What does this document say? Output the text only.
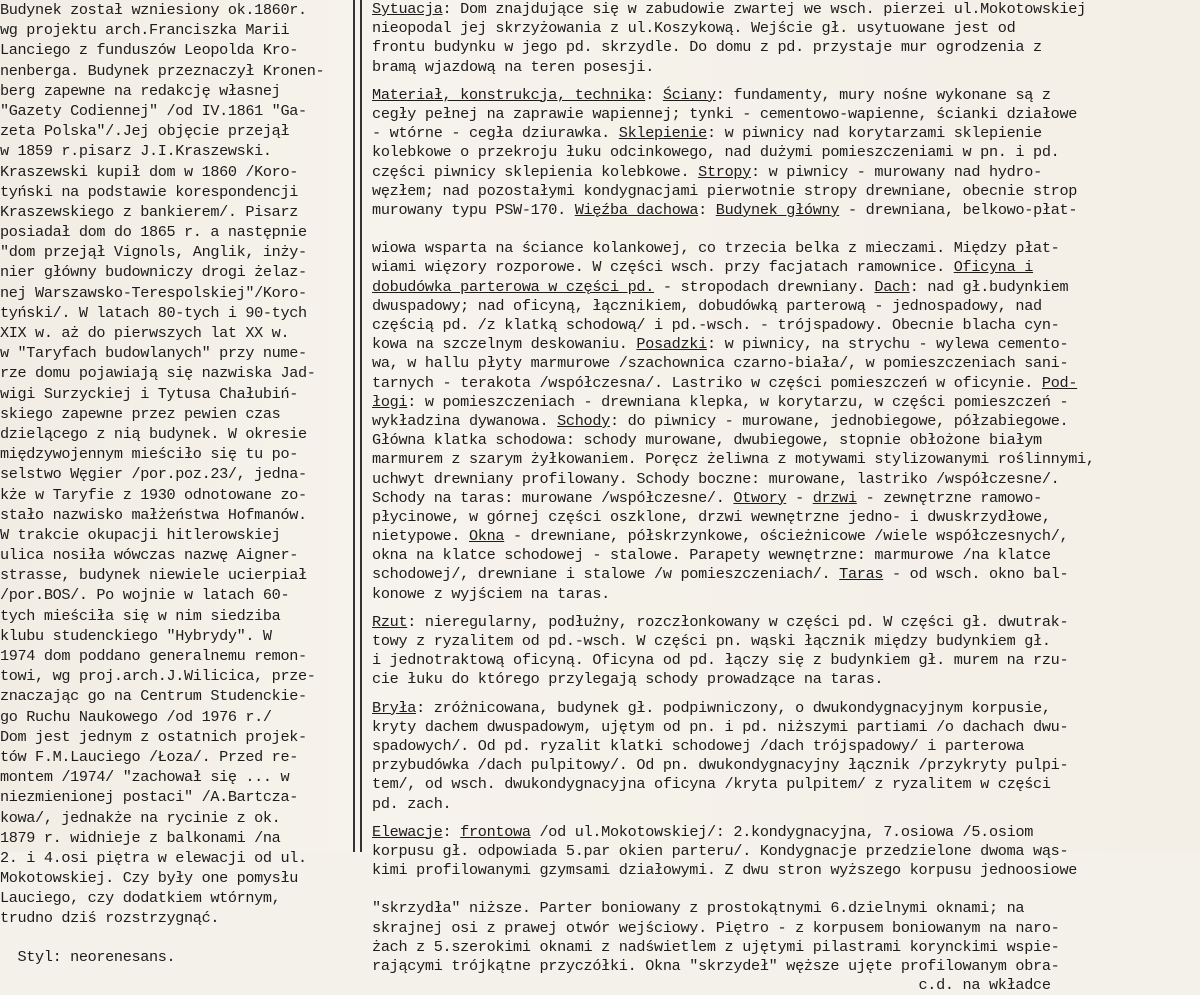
Budynek został wzniesiony ok.1860r.
wg projektu arch.Franciszka Marii
Lanciego z funduszów Leopolda Kro-
nenberga. Budynek przeznaczył Kronen-
berg zapewne na redakcję własnej
"Gazety Codiennej" /od IV.1861 "Ga-
zeta Polska"/.Jej objęcie przejął
w 1859 r.pisarz J.I.Kraszewski.
Kraszewski kupił dom w 1860 /Koro-
tyński na podstawie korespondencji
Kraszewskiego z bankierem/. Pisarz
posiadał dom do 1865 r. a następnie
"dom przejął Vignols, Anglik, inży-
nier główny budowniczy drogi żelaz-
nej Warszawsko-Terespolskiej"/Koro-
tyński/. W latach 80-tych i 90-tych
XIX w. aż do pierwszych lat XX w.
w "Taryfach budowlanych" przy nume-
rze domu pojawiają się nazwiska Jad-
wigi Surzyckiej i Tytusa Chałubiń-
skiego zapewne przez pewien czas
dzielącego z nią budynek. W okresie
międzywojennym mieściło się tu po-
selstwo Węgier /por.poz.23/, jedna-
kże w Taryfie z 1930 odnotowane zo-
stało nazwisko małżeństwa Hofmanów.
W trakcie okupacji hitlerowskiej
ulica nosiła wówczas nazwę Aigner-
strasse, budynek niewiele ucierpiał
/por.BOS/. Po wojnie w latach 60-
tych mieściła się w nim siedziba
klubu studenckiego "Hybrydy". W
1974 dom poddano generalnemu remon-
towi, wg proj.arch.J.Wilicica, prze-
znaczając go na Centrum Studenckie-
go Ruchu Naukowego /od 1976 r./
Dom jest jednym z ostatnich projek-
tów F.M.Lauciego /Łoza/. Przed re-
montem /1974/ "zachował się ... w
niezmienionej postaci" /A.Bartcza-
kowa/, jednakże na rycinie z ok.
1879 r. widnieje z balkonami /na
2. i 4.osi piętra w elewacji od ul.
Mokotowskiej. Czy były one pomysłu
Lauciego, czy dodatkiem wtórnym,
trudno dziś rozstrzygnąć.
Styl: neorenesans.
Sytuacja: Dom znajdujące się w zabudowie zwartej we wsch. pierzei ul.Mokotowskiej
nieopodal jej skrzyżowania z ul.Koszykową. Wejście gł. usytuowane jest od
frontu budynku w jego pd. skrzydle. Do domu z pd. przystaje mur ogrodzenia z
bramą wjazdową na teren posesji.
Materiał, konstrukcja, technika: Ściany: fundamenty, mury nośne wykonane są z
cegły pełnej na zaprawie wapiennej; tynki - cementowo-wapienne, ścianki działowe
- wtórne - cegła dziurawka. Sklepienie: w piwnicy nad korytarzami sklepienie
kolebkowe o przekroju łuku odcinkowego, nad dużymi pomieszczeniami w pn. i pd.
części piwnicy sklepienia kolebkowe. Stropy: w piwnicy - murowany nad hydro-
węzłem; nad pozostałymi kondygnacjami pierwotnie stropy drewniane, obecnie strop
murowany typu PSW-170. Więźba dachowa: Budynek główny - drewniana, belkowo-płat-
wiowa wsparta na ściance kolankowej, co trzecia belka z mieczami. Między płat-
wiami więzory rozporowe. W części wsch. przy facjatach ramownice. Oficyna i
dobudówka parterowa w części pd. - stropodach drewniany. Dach: nad gł.budynkiem
dwuspadowy; nad oficyną, łącznikiem, dobudówką parterową - jednospadowy, nad
częścią pd. /z klatką schodową/ i pd.-wsch. - trójspadowy. Obecnie blacha cyn-
kowa na szczelnym deskowaniu. Posadzki: w piwnicy, na strychu - wylewa cemento-
wa, w hallu płyty marmurowe /szachownica czarno-biała/, w pomieszczeniach sani-
tarnych - terakota /współczesna/. Lastriko w części pomieszczeń w oficynie. Pod-
łogi: w pomieszczeniach - drewniana klepka, w korytarzu, w części pomieszczeń -
wykładzina dywanowa. Schody: do piwnicy - murowane, jednobiegowe, półzabiegowe.
Główna klatka schodowa: schody murowane, dwubiegowe, stopnie obłożone białym
marmurem z szarym żyłkowaniem. Poręcz żeliwna z motywami stylizowanymi roślinnymi,
uchwyt drewniany profilowany. Schody boczne: murowane, lastriko /współczesne/.
Schody na taras: murowane /współczesne/. Otwory - drzwi - zewnętrzne ramowo-
płycinowe, w górnej części oszklone, drzwi wewnętrzne jedno- i dwuskrzydłowe,
nietypowe. Okna - drewniane, półskrzynkowe, ościeżnicowe /wiele współczesnych/,
okna na klatce schodowej - stalowe. Parapety wewnętrzne: marmurowe /na klatce
schodowej/, drewniane i stalowe /w pomieszczeniach/. Taras - od wsch. okno bal-
konowe z wyjściem na taras.
Rzut: nieregularny, podłużny, rozczłonkowany w części pd. W części gł. dwutrak-
towy z ryzalitem od pd.-wsch. W części pn. wąski łącznik między budynkiem gł.
i jednotraktową oficyną. Oficyna od pd. łączy się z budynkiem gł. murem na rzu-
cie łuku do którego przylegają schody prowadzące na taras.
Bryła: zróżnicowana, budynek gł. podpiwniczony, o dwukondygnacyjnym korpusie,
kryty dachem dwuspadowym, ujętym od pn. i pd. niższymi partiami /o dachach dwu-
spadowych/. Od pd. ryzalit klatki schodowej /dach trójspadowy/ i parterowa
przybudówka /dach pulpitowy/. Od pn. dwukondygnacyjny łącznik /przykryty pulpi-
tem/, od wsch. dwukondygnacyjna oficyna /kryta pulpitem/ z ryzalitem w części
pd. zach.
Elewacje: frontowa /od ul.Mokotowskiej/: 2.kondygnacyjna, 7.osiowa /5.osiom
korpusu gł. odpowiada 5.par okien parteru/. Kondygnacje przedzielone dwoma wąs-
kimi profilowanymi gzymsami działowymi. Z dwu stron wyższego korpusu jednoosiowe
"skrzydła" niższe. Parter boniowany z prostokątnymi 6.dzielnymi oknami; na
skrajnej osi z prawej otwór wejściowy. Piętro - z korpusem boniowanym na naro-
żach z 5.szerokimi oknami z nadświetlem z ujętymi pilastrami korynckimi wspie-
rającymi trójkątne przyczółki. Okna "skrzydeł" węższe ujęte profilowanym obra-
c.d. na wkładce
